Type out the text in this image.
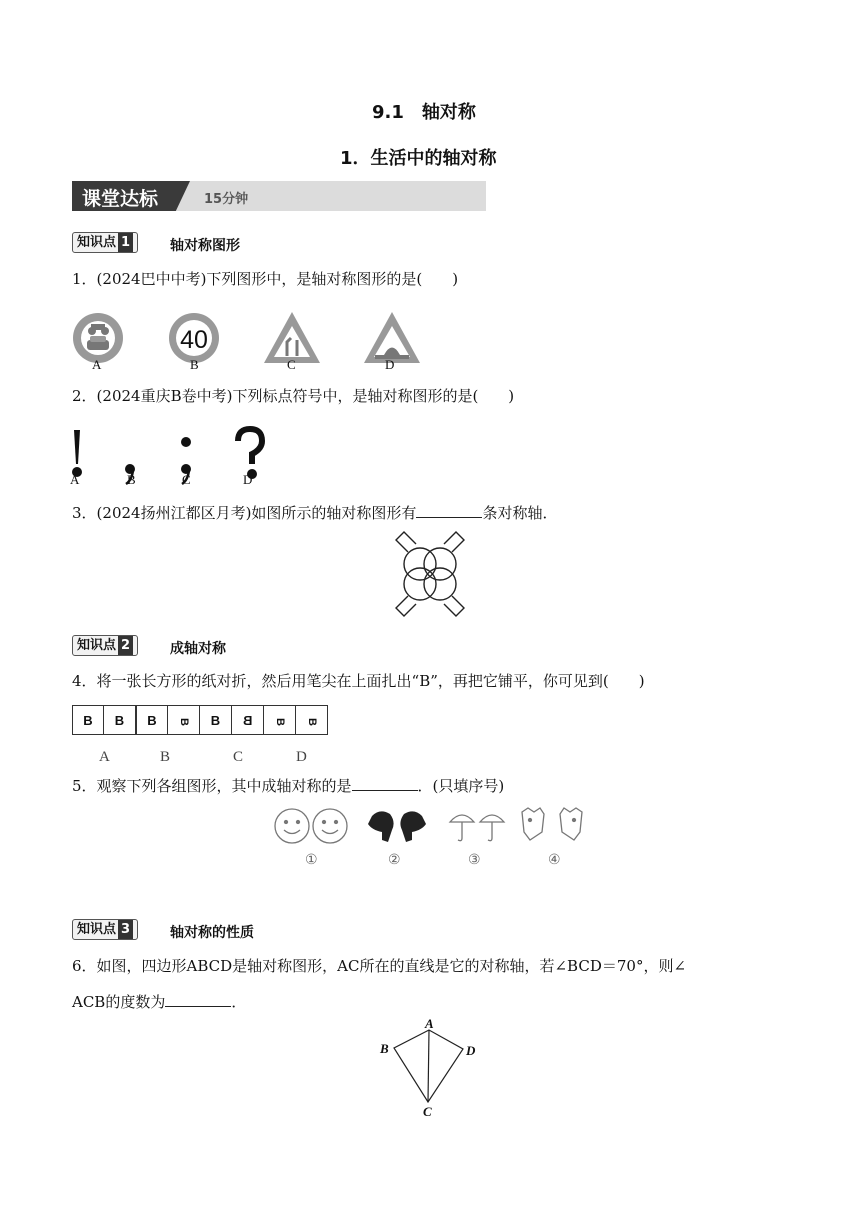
9.1　轴对称
1．生活中的轴对称
课堂达标	15分钟
知识点 1	轴对称图形
1．(2024巴中中考)下列图形中，是轴对称图形的是(　　)
40
A	B	C	D
2．(2024重庆B卷中考)下列标点符号中，是轴对称图形的是(　　)
A	B	C	D
3．(2024扬州江都区月考)如图所示的轴对称图形有	条对称轴．
知识点 2	成轴对称
4．将一张长方形的纸对折，然后用笔尖在上面扎出“B”，再把它铺平，你可见到(　　)
B	B	B	B	B	B	B	B
A	B	C	D
5．观察下列各组图形，其中成轴对称的是	．(只填序号)
①	②	③	④
知识点 3	轴对称的性质
6．如图，四边形ABCD是轴对称图形，AC所在的直线是它的对称轴，若∠BCD＝70°，则∠
ACB的度数为	．
A
B
C
D
